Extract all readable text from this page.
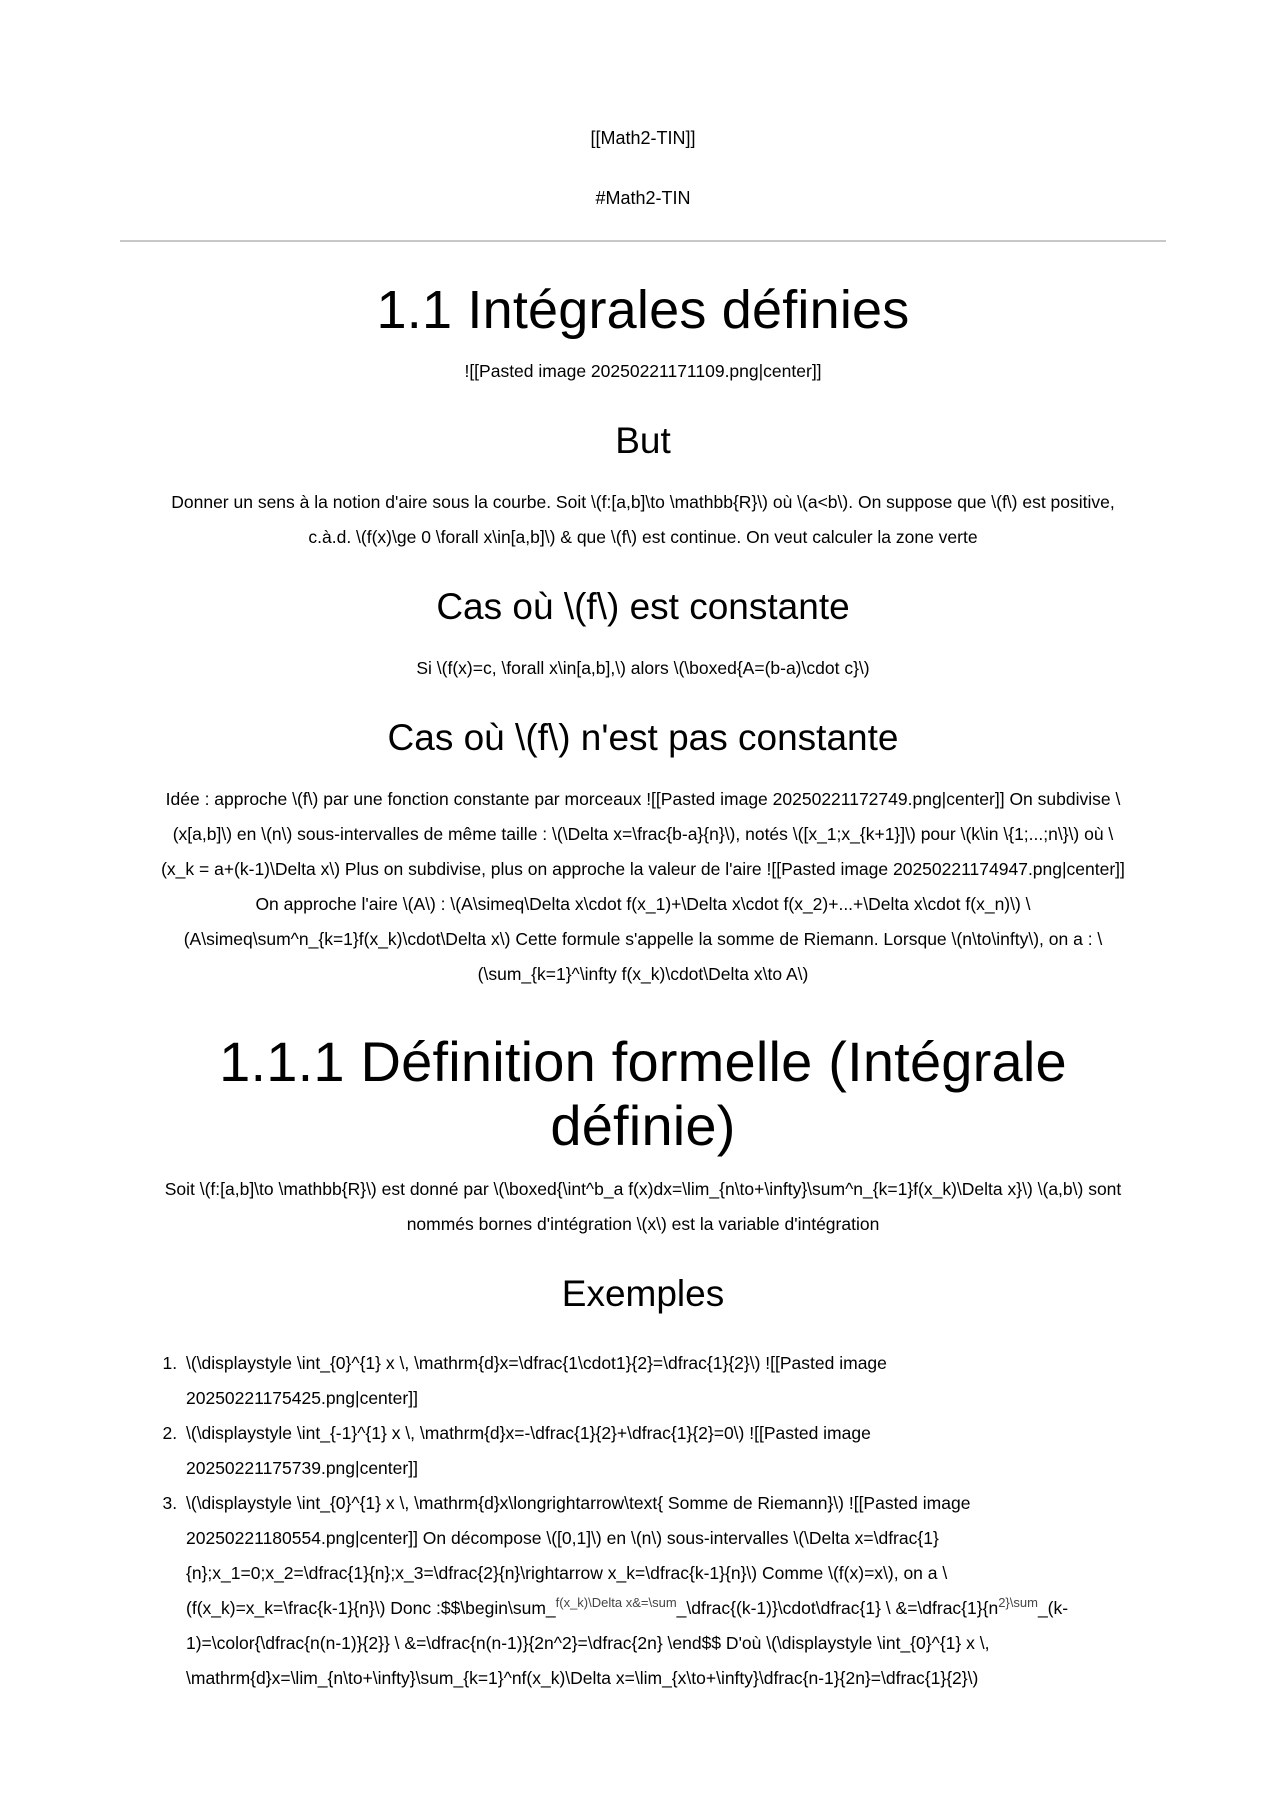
[[Math2-TIN]]

#Math2-TIN

1.1 Intégrales définies

![[Pasted image 20250221171109.png|center]]

But

Donner un sens à la notion d'aire sous la courbe. Soit \(f:[a,b]\to \mathbb{R}\) où \(a<b\). On suppose que \(f\) est positive,
c.à.d. \(f(x)\ge 0 \forall x\in[a,b]\) & que \(f\) est continue. On veut calculer la zone verte

Cas où \(f\) est constante

Si \(f(x)=c, \forall x\in[a,b],\) alors \(\boxed{A=(b-a)\cdot c}\)

Cas où \(f\) n'est pas constante

Idée : approche \(f\) par une fonction constante par morceaux ![[Pasted image 20250221172749.png|center]] On subdivise \
(x[a,b]\) en \(n\) sous-intervalles de même taille : \(\Delta x=\frac{b-a}{n}\), notés \([x_1;x_{k+1}]\) pour \(k\in \{1;...;n\}\) où \
(x_k = a+(k-1)\Delta x\) Plus on subdivise, plus on approche la valeur de l'aire ![[Pasted image 20250221174947.png|center]]
On approche l'aire \(A\) : \(A\simeq\Delta x\cdot f(x_1)+\Delta x\cdot f(x_2)+...+\Delta x\cdot f(x_n)\) \
(A\simeq\sum^n_{k=1}f(x_k)\cdot\Delta x\) Cette formule s'appelle la somme de Riemann. Lorsque \(n\to\infty\), on a : \
(\sum_{k=1}^\infty f(x_k)\cdot\Delta x\to A\)

1.1.1 Définition formelle (Intégrale définie)

Soit \(f:[a,b]\to \mathbb{R}\) est donné par \(\boxed{\int^b_a f(x)dx=\lim_{n\to+\infty}\sum^n_{k=1}f(x_k)\Delta x}\) \(a,b\) sont
nommés bornes d'intégration \(x\) est la variable d'intégration

Exemples
1. \(\displaystyle \int_{0}^{1} x \, \mathrm{d}x=\dfrac{1\cdot1}{2}=\dfrac{1}{2}\) ![[Pasted image
20250221175425.png|center]]
2. \(\displaystyle \int_{-1}^{1} x \, \mathrm{d}x=-\dfrac{1}{2}+\dfrac{1}{2}=0\) ![[Pasted image
20250221175739.png|center]]
3. \(\displaystyle \int_{0}^{1} x \, \mathrm{d}x\longrightarrow\text{ Somme de Riemann}\) ![[Pasted image
20250221180554.png|center]] On décompose \([0,1]\) en \(n\) sous-intervalles \(\Delta x=\dfrac{1}
{n};x_1=0;x_2=\dfrac{1}{n};x_3=\dfrac{2}{n}\rightarrow x_k=\dfrac{k-1}{n}\) Comme \(f(x)=x\), on a \
(f(x_k)=x_k=\frac{k-1}{n}\) Donc :$$\begin\sum_$^{f(x\_k)\backslash Delta x\&=\backslash sum}$_\dfrac{(k-1)}\cdot\dfrac{1} \ $\&=\backslash dfrac\{1\}\{n^{2\}\backslash sum}\_(k-$
1)=\color{\dfrac{n(n-1)}{2}} \ &=\dfrac{n(n-1)}{2n^2}=\dfrac{2n} \end$$ D'où \(\displaystyle \int_{0}^{1} x \,
\mathrm{d}x=\lim_{n\to+\infty}\sum_{k=1}^nf(x_k)\Delta x=\lim_{x\to+\infty}\dfrac{n-1}{2n}=\dfrac{1}{2}\)
